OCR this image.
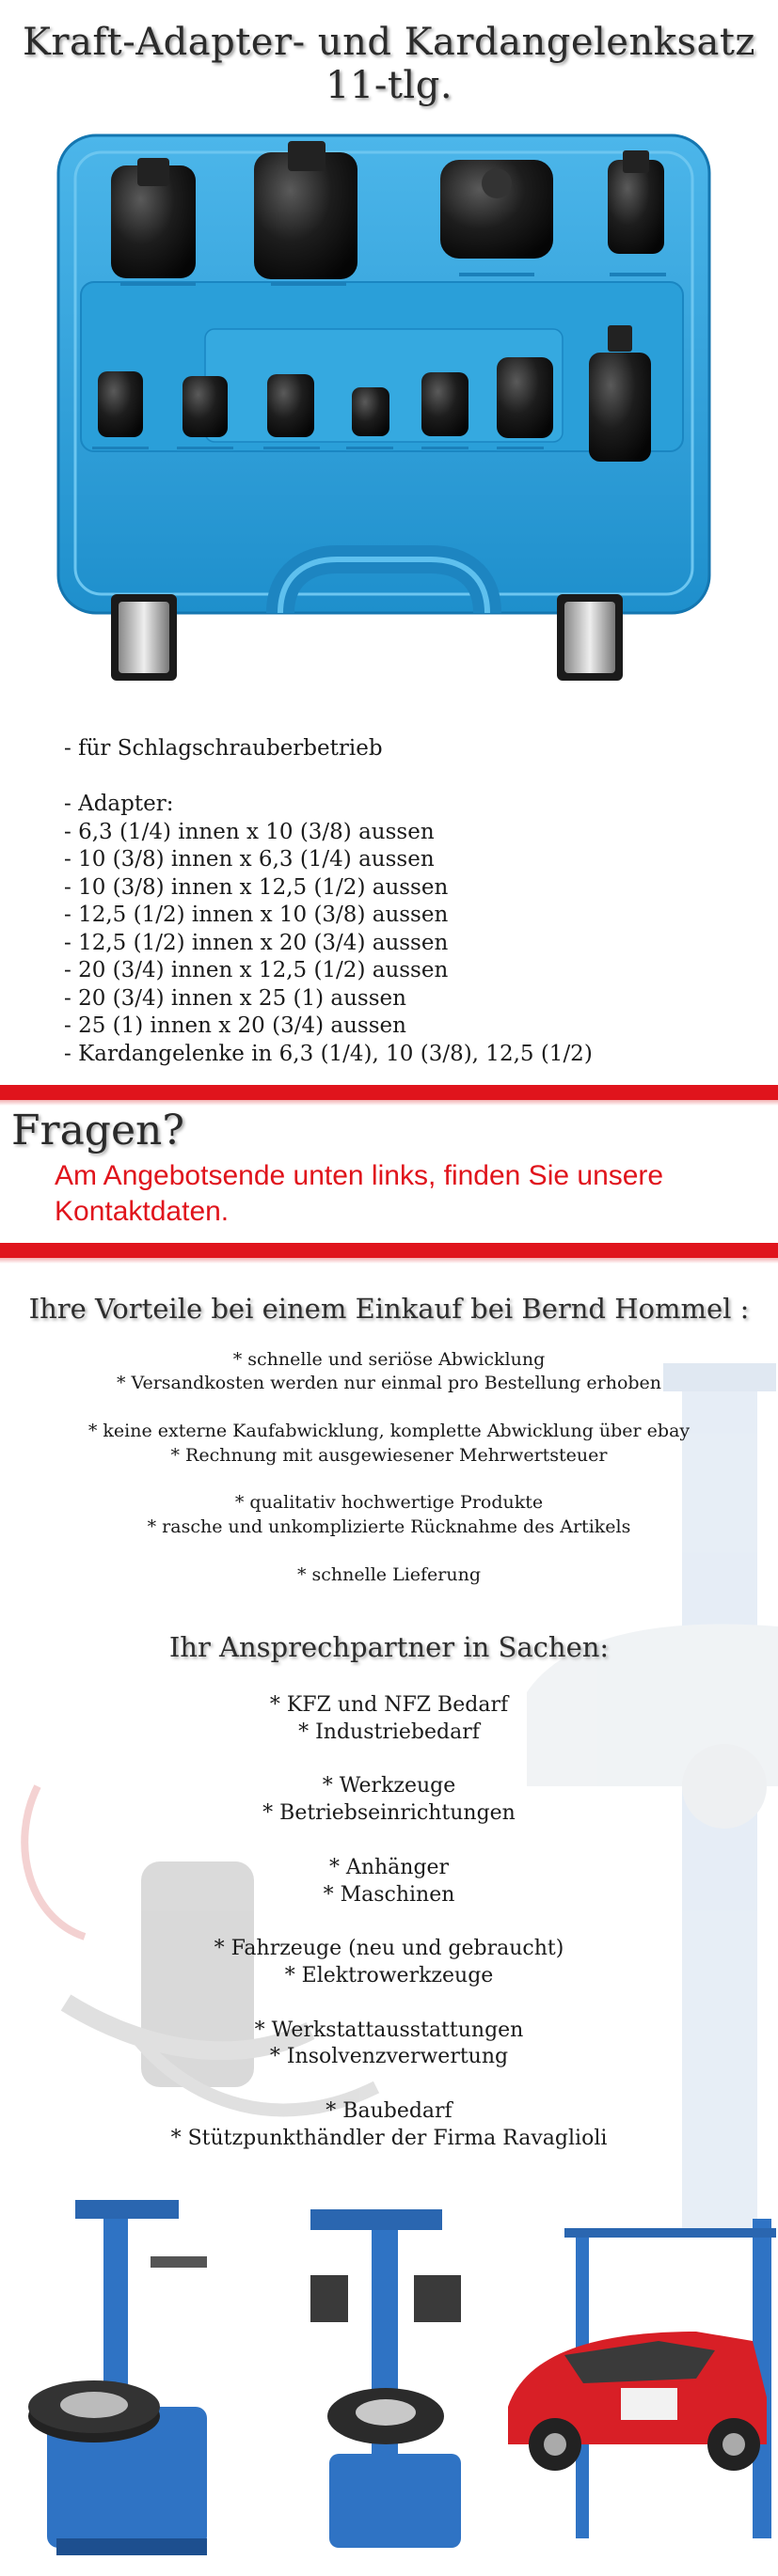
Kraft-Adapter- und Kardangelenksatz
11-tlg.
- für Schlagschrauberbetrieb
- Adapter:
- 6,3 (1/4) innen x 10 (3/8) aussen
- 10 (3/8) innen x 6,3 (1/4) aussen
- 10 (3/8) innen x 12,5 (1/2) aussen
- 12,5 (1/2) innen x 10 (3/8) aussen
- 12,5 (1/2) innen x 20 (3/4) aussen
- 20 (3/4) innen x 12,5 (1/2) aussen
- 20 (3/4) innen x 25 (1) aussen
- 25 (1) innen x 20 (3/4) aussen
- Kardangelenke in 6,3 (1/4), 10 (3/8), 12,5 (1/2)
Fragen?
Am Angebotsende unten links, finden Sie unsere Kontaktdaten.
Ihre Vorteile bei einem Einkauf bei Bernd Hommel :
* schnelle und seriöse Abwicklung
* Versandkosten werden nur einmal pro Bestellung erhoben
* keine externe Kaufabwicklung, komplette Abwicklung über ebay
* Rechnung mit ausgewiesener Mehrwertsteuer
* qualitativ hochwertige Produkte
* rasche und unkomplizierte Rücknahme des Artikels
* schnelle Lieferung
Ihr Ansprechpartner in Sachen:
* KFZ und NFZ Bedarf
* Industriebedarf
* Werkzeuge
* Betriebseinrichtungen
* Anhänger
* Maschinen
* Fahrzeuge (neu und gebraucht)
* Elektrowerkzeuge
* Werkstattausstattungen
* Insolvenzverwertung
* Baubedarf
* Stützpunkthändler der Firma Ravaglioli
